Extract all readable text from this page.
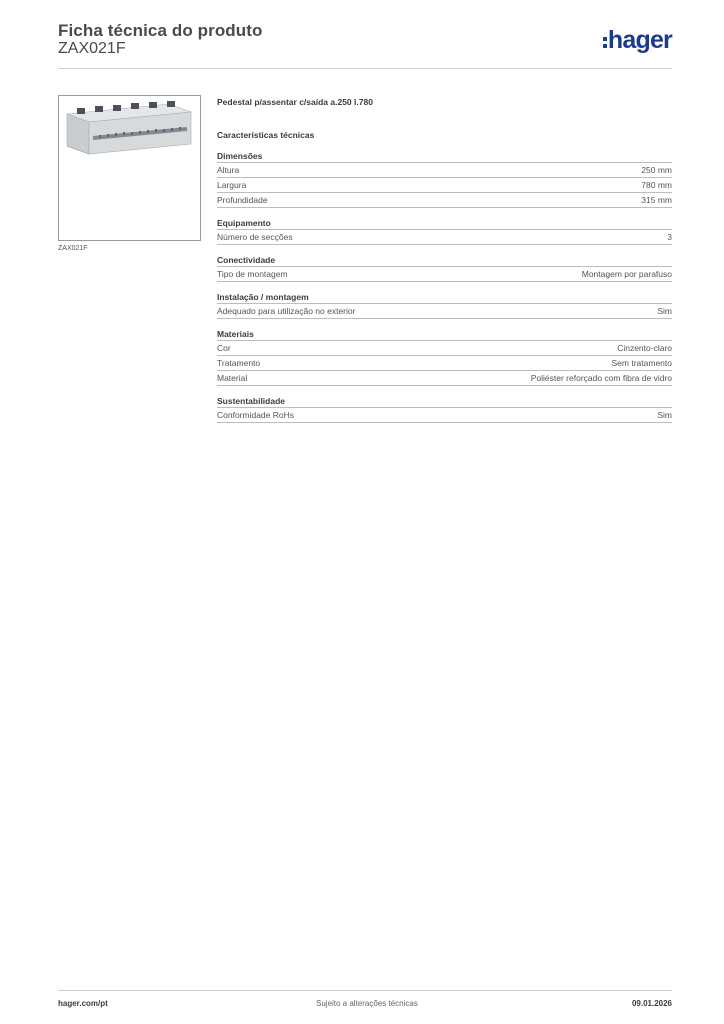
Ficha técnica do produto
ZAX021F	hager
ZAX021F
Pedestal p/assentar c/saída a.250 l.780
Características técnicas
Dimensões
Altura	250 mm
Largura	780 mm
Profundidade	315 mm
Equipamento
Número de secções	3
Conectividade
Tipo de montagem	Montagem por parafuso
Instalação / montagem
Adequado para utilização no exterior	Sim
Materiais
Cor	Cinzento-claro
Tratamento	Sem tratamento
Material	Poliéster reforçado com fibra de vidro
Sustentabilidade
Conformidade RoHs	Sim
hager.com/pt	Sujeito a alterações técnicas	09.01.2026
